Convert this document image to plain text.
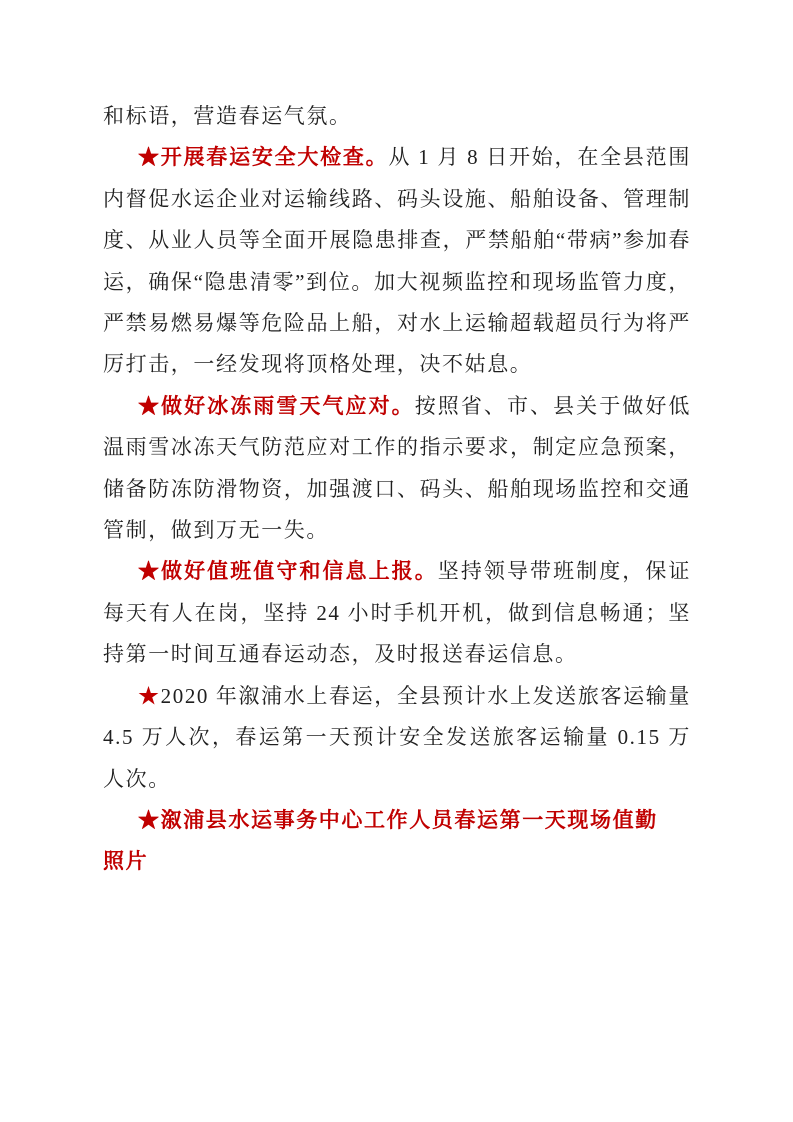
和标语，营造春运气氛。

★开展春运安全大检查。从 1 月 8 日开始，在全县范围内督促水运企业对运输线路、码头设施、船舶设备、管理制度、从业人员等全面开展隐患排查，严禁船舶“带病”参加春运，确保“隐患清零”到位。加大视频监控和现场监管力度，严禁易燃易爆等危险品上船，对水上运输超载超员行为将严厉打击，一经发现将顶格处理，决不姑息。

★做好冰冻雨雪天气应对。按照省、市、县关于做好低温雨雪冰冻天气防范应对工作的指示要求，制定应急预案，储备防冻防滑物资，加强渡口、码头、船舶现场监控和交通管制，做到万无一失。

★做好值班值守和信息上报。坚持领导带班制度，保证每天有人在岗，坚持 24 小时手机开机，做到信息畅通；坚持第一时间互通春运动态，及时报送春运信息。

★2020 年溆浦水上春运，全县预计水上发送旅客运输量 4.5 万人次，春运第一天预计安全发送旅客运输量 0.15 万人次。

★溆浦县水运事务中心工作人员春运第一天现场值勤
照片
